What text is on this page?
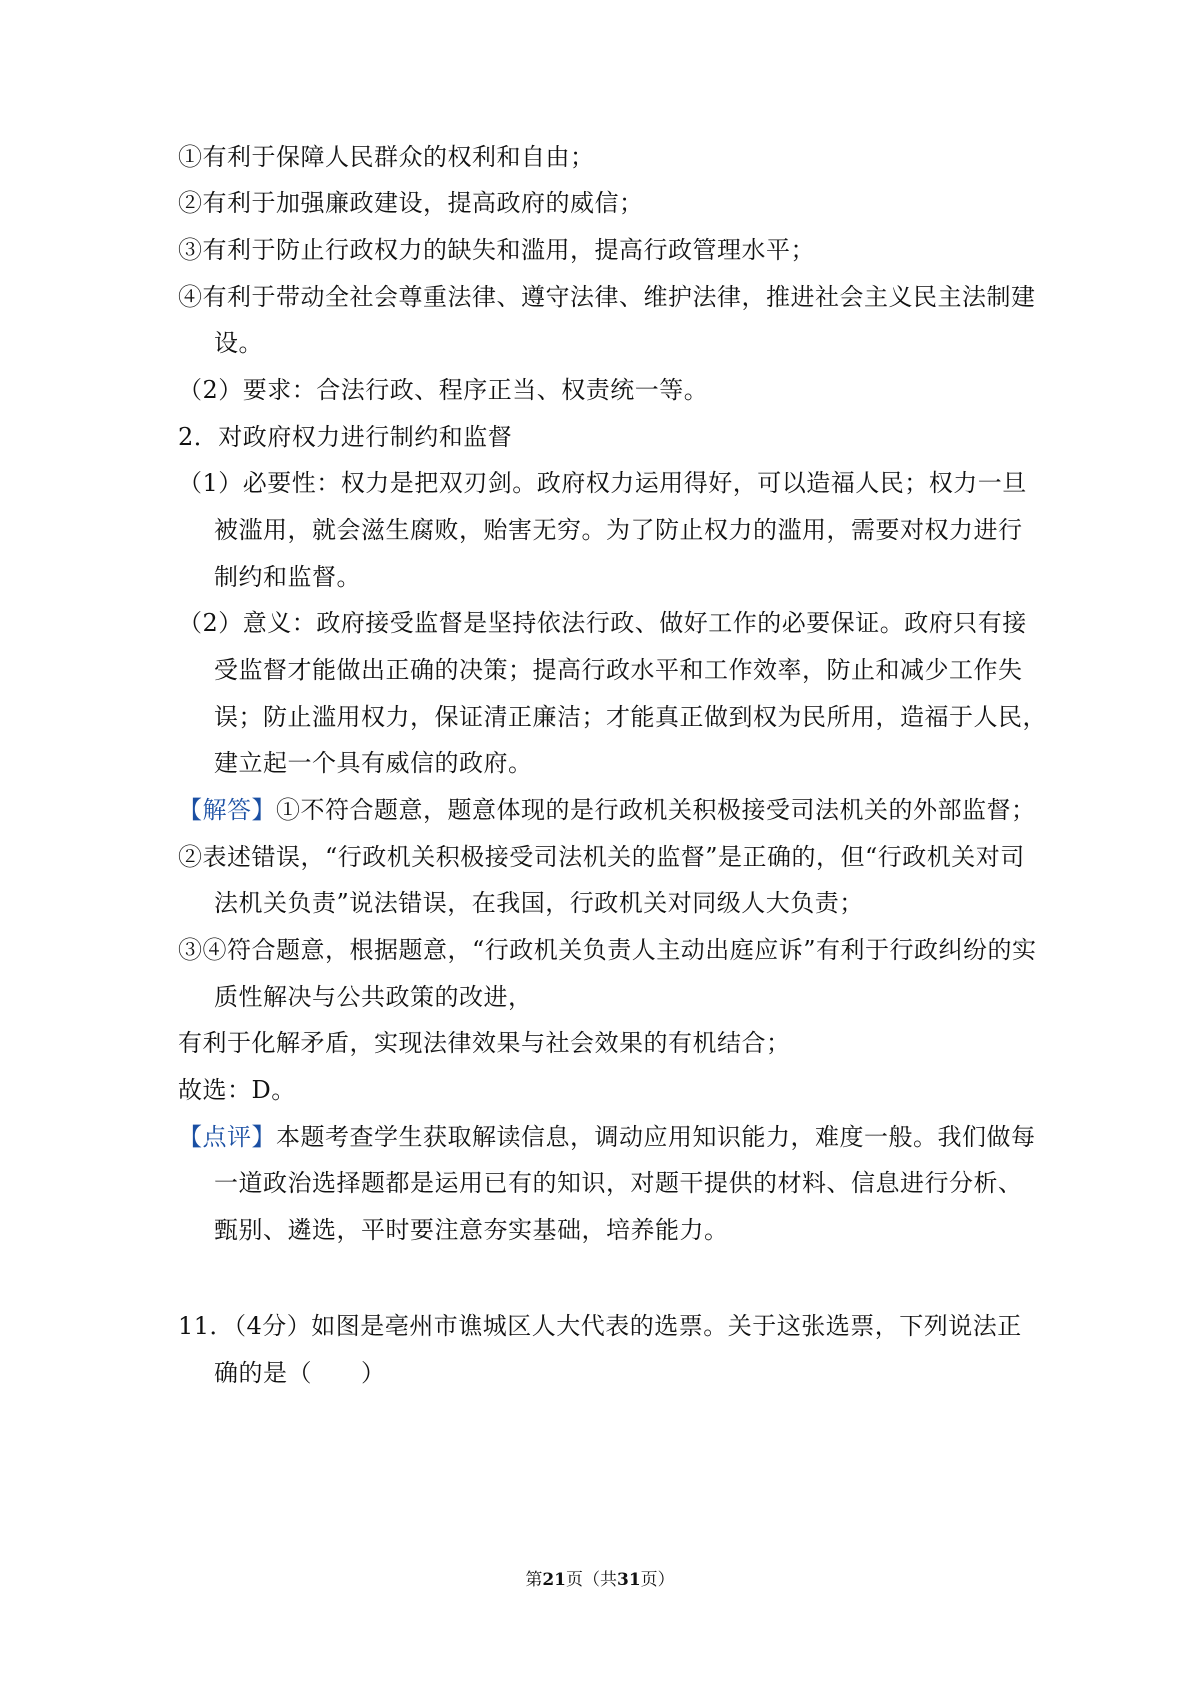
①有利于保障人民群众的权利和自由；
②有利于加强廉政建设，提高政府的威信；
③有利于防止行政权力的缺失和滥用，提高行政管理水平；
④有利于带动全社会尊重法律、遵守法律、维护法律，推进社会主义民主法制建
设。
（2）要求：合法行政、程序正当、权责统一等。
2．对政府权力进行制约和监督
（1）必要性：权力是把双刃剑。政府权力运用得好，可以造福人民；权力一旦
被滥用，就会滋生腐败，贻害无穷。为了防止权力的滥用，需要对权力进行
制约和监督。
（2）意义：政府接受监督是坚持依法行政、做好工作的必要保证。政府只有接
受监督才能做出正确的决策；提高行政水平和工作效率，防止和减少工作失
误；防止滥用权力，保证清正廉洁；才能真正做到权为民所用，造福于人民，
建立起一个具有威信的政府。
【解答】①不符合题意，题意体现的是行政机关积极接受司法机关的外部监督；
②表述错误，“行政机关积极接受司法机关的监督”是正确的，但“行政机关对司
法机关负责”说法错误，在我国，行政机关对同级人大负责；
③④符合题意，根据题意，“行政机关负责人主动出庭应诉”有利于行政纠纷的实
质性解决与公共政策的改进，
有利于化解矛盾，实现法律效果与社会效果的有机结合；
故选：D。
【点评】本题考查学生获取解读信息，调动应用知识能力，难度一般。我们做每
一道政治选择题都是运用已有的知识，对题干提供的材料、信息进行分析、
甄别、遴选，平时要注意夯实基础，培养能力。
11．（4分）如图是亳州市谯城区人大代表的选票。关于这张选票，下列说法正
确的是（　　）
第21页（共31页）
